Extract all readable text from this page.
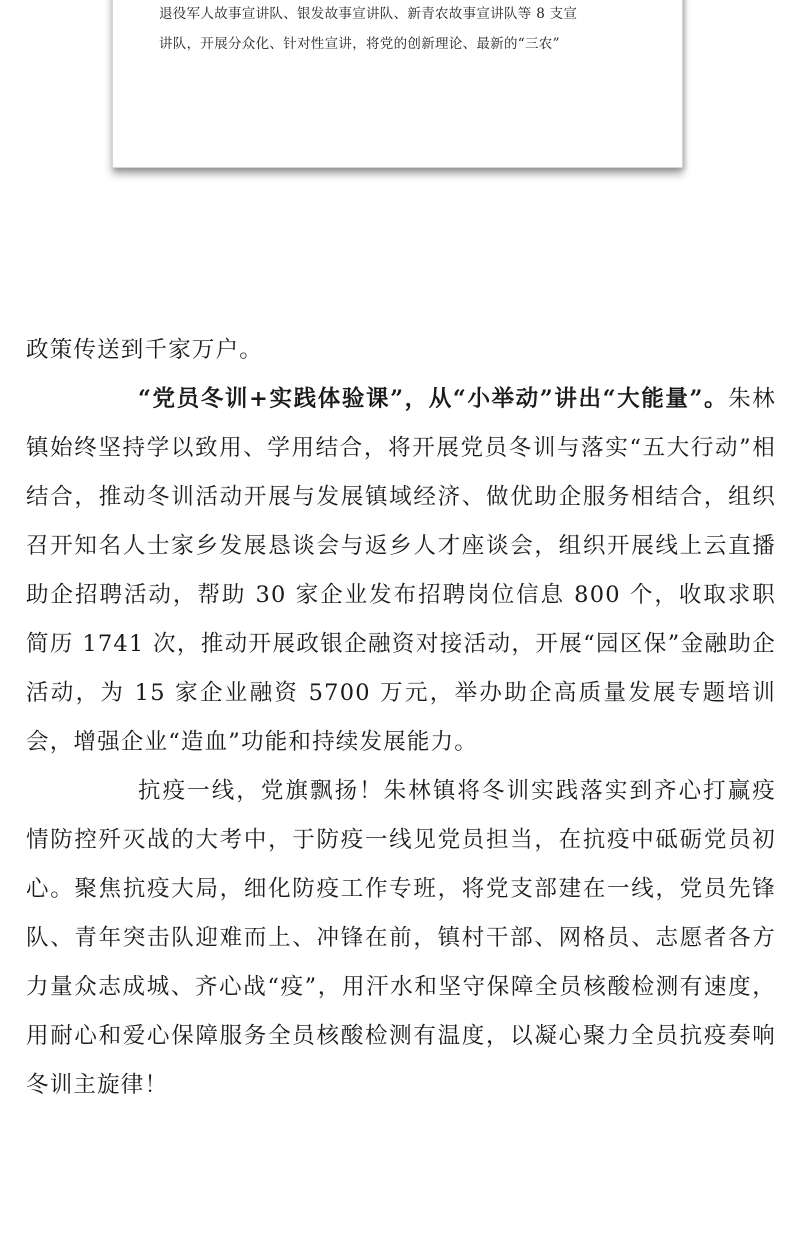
退役军人故事宣讲队、银发故事宣讲队、新青农故事宣讲队等 8 支宣
讲队，开展分众化、针对性宣讲，将党的创新理论、最新的“三农”

政策传送到千家万户。

“党员冬训+实践体验课”，从“小举动”讲出“大能量”。朱林镇始终坚持学以致用、学用结合，将开展党员冬训与落实“五大行动”相结合，推动冬训活动开展与发展镇域经济、做优助企服务相结合，组织召开知名人士家乡发展恳谈会与返乡人才座谈会，组织开展线上云直播助企招聘活动，帮助 30 家企业发布招聘岗位信息 800 个，收取求职简历 1741 次，推动开展政银企融资对接活动，开展“园区保”金融助企活动，为 15 家企业融资 5700 万元，举办助企高质量发展专题培训会，增强企业“造血”功能和持续发展能力。

抗疫一线，党旗飘扬！朱林镇将冬训实践落实到齐心打赢疫情防控歼灭战的大考中，于防疫一线见党员担当，在抗疫中砥砺党员初心。聚焦抗疫大局，细化防疫工作专班，将党支部建在一线，党员先锋队、青年突击队迎难而上、冲锋在前，镇村干部、网格员、志愿者各方力量众志成城、齐心战“疫”，用汗水和坚守保障全员核酸检测有速度，用耐心和爱心保障服务全员核酸检测有温度，以凝心聚力全员抗疫奏响冬训主旋律！
